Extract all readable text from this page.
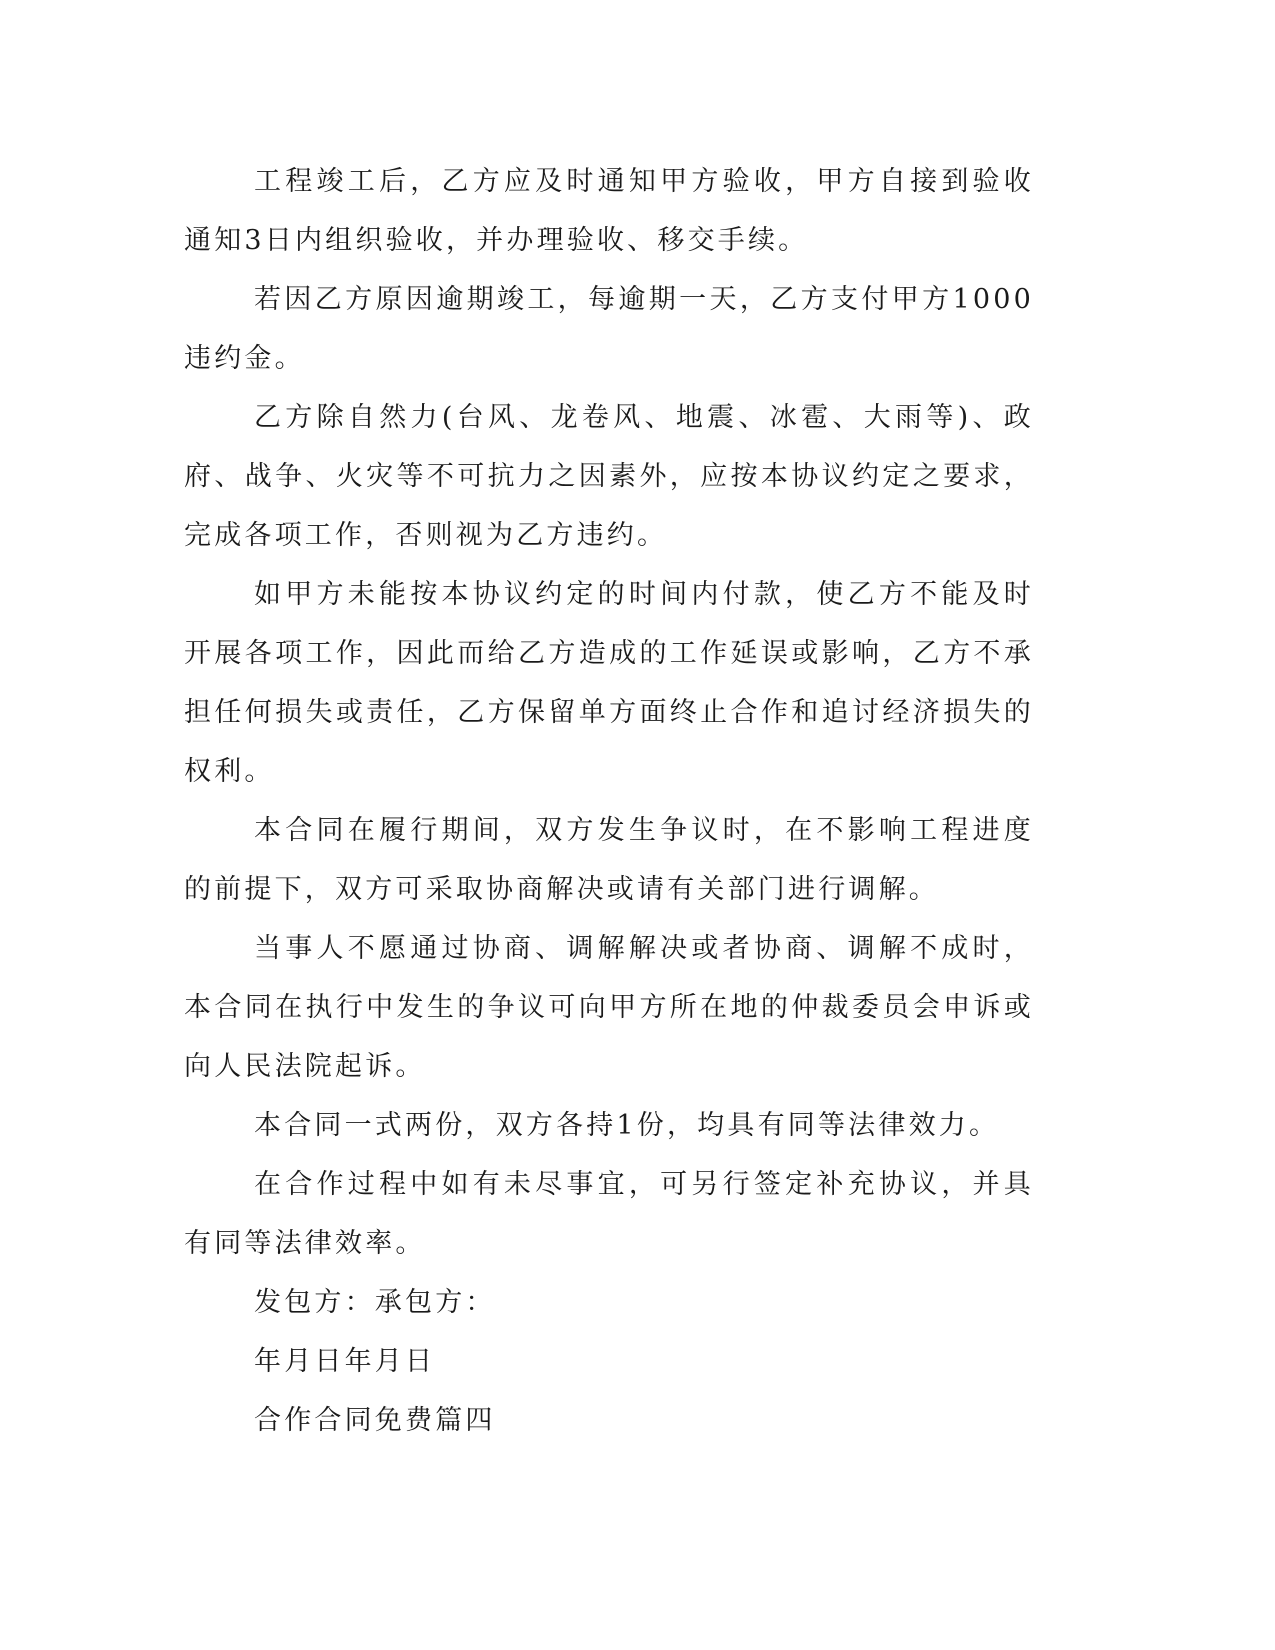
工程竣工后，乙方应及时通知甲方验收，甲方自接到验收通知3日内组织验收，并办理验收、移交手续。

若因乙方原因逾期竣工，每逾期一天，乙方支付甲方1000违约金。

乙方除自然力(台风、龙卷风、地震、冰雹、大雨等)、政府、战争、火灾等不可抗力之因素外，应按本协议约定之要求，完成各项工作，否则视为乙方违约。

如甲方未能按本协议约定的时间内付款，使乙方不能及时开展各项工作，因此而给乙方造成的工作延误或影响，乙方不承担任何损失或责任，乙方保留单方面终止合作和追讨经济损失的权利。

本合同在履行期间，双方发生争议时，在不影响工程进度的前提下，双方可采取协商解决或请有关部门进行调解。

当事人不愿通过协商、调解解决或者协商、调解不成时，本合同在执行中发生的争议可向甲方所在地的仲裁委员会申诉或向人民法院起诉。

本合同一式两份，双方各持1份，均具有同等法律效力。

在合作过程中如有未尽事宜，可另行签定补充协议，并具有同等法律效率。

发包方：承包方：

年月日年月日

合作合同免费篇四
